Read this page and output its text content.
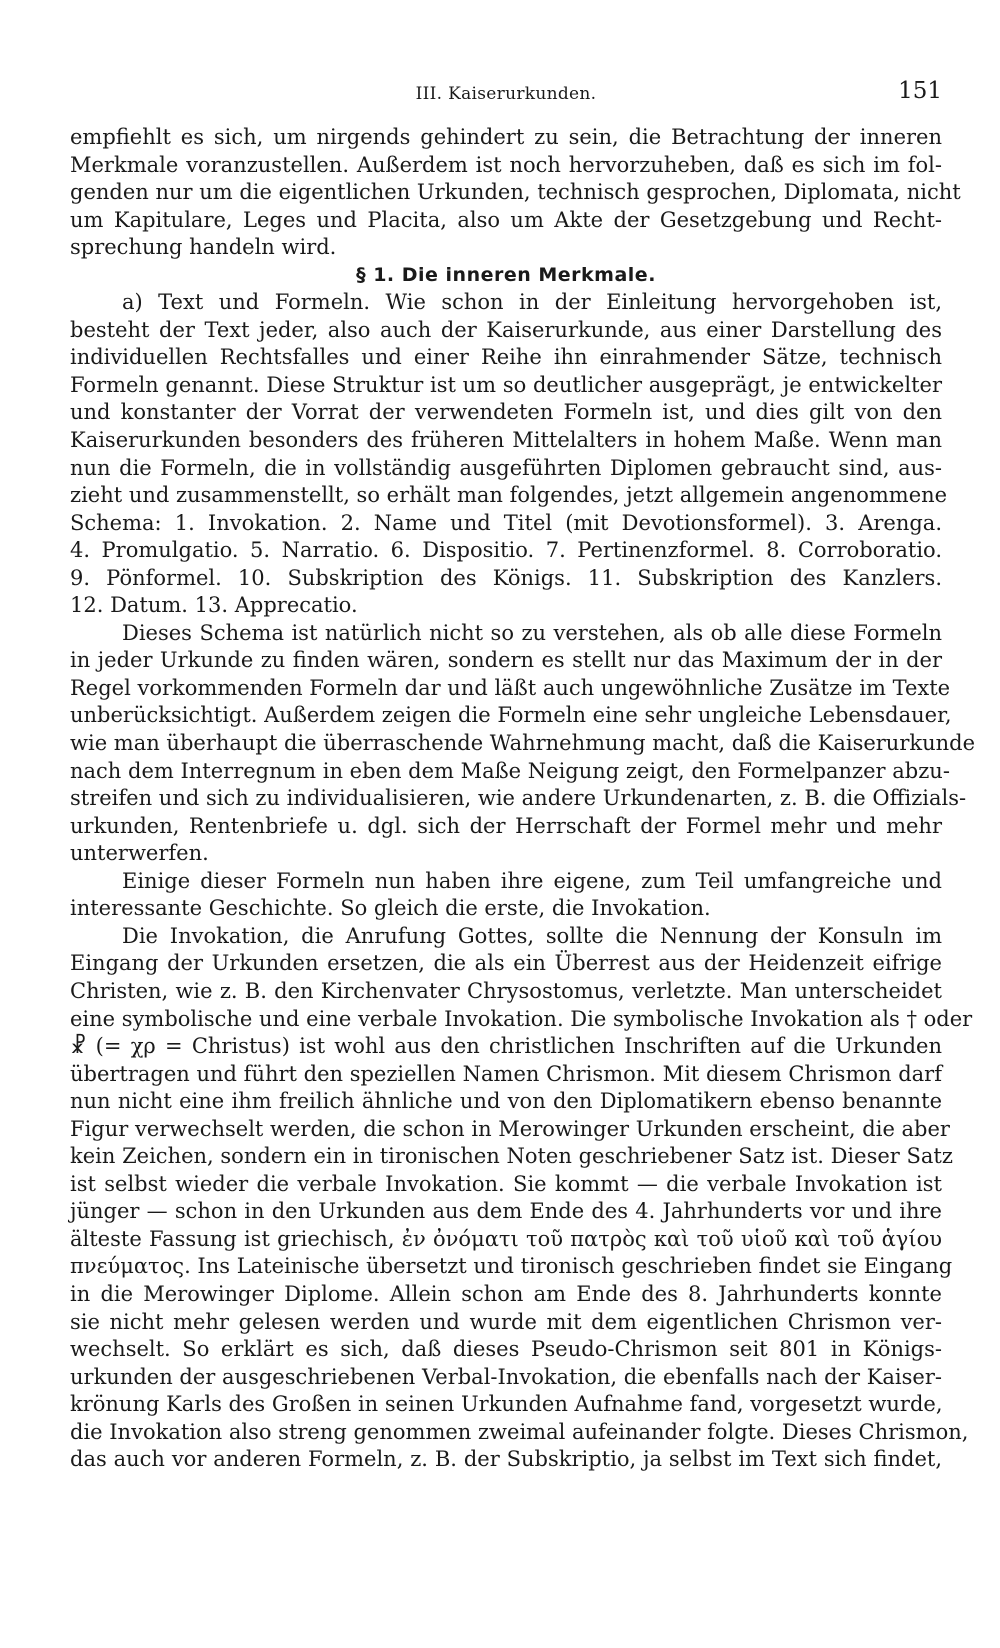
III. Kaiserurkunden.	151
empfiehlt es sich, um nirgends gehindert zu sein, die Betrachtung der inneren
Merkmale voranzustellen. Außerdem ist noch hervorzuheben, daß es sich im fol-
genden nur um die eigentlichen Urkunden, technisch gesprochen, Diplomata, nicht
um Kapitulare, Leges und Placita, also um Akte der Gesetzgebung und Recht-
sprechung handeln wird.
§ 1. Die inneren Merkmale.
a) Text und Formeln. Wie schon in der Einleitung hervorgehoben ist,
besteht der Text jeder, also auch der Kaiserurkunde, aus einer Darstellung des
individuellen Rechtsfalles und einer Reihe ihn einrahmender Sätze, technisch
Formeln genannt. Diese Struktur ist um so deutlicher ausgeprägt, je entwickelter
und konstanter der Vorrat der verwendeten Formeln ist, und dies gilt von den
Kaiserurkunden besonders des früheren Mittelalters in hohem Maße. Wenn man
nun die Formeln, die in vollständig ausgeführten Diplomen gebraucht sind, aus-
zieht und zusammenstellt, so erhält man folgendes, jetzt allgemein angenommene
Schema: 1. Invokation. 2. Name und Titel (mit Devotionsformel). 3. Arenga.
4. Promulgatio. 5. Narratio. 6. Dispositio. 7. Pertinenzformel. 8. Corroboratio.
9. Pönformel. 10. Subskription des Königs. 11. Subskription des Kanzlers.
12. Datum. 13. Apprecatio.
Dieses Schema ist natürlich nicht so zu verstehen, als ob alle diese Formeln
in jeder Urkunde zu finden wären, sondern es stellt nur das Maximum der in der
Regel vorkommenden Formeln dar und läßt auch ungewöhnliche Zusätze im Texte
unberücksichtigt. Außerdem zeigen die Formeln eine sehr ungleiche Lebensdauer,
wie man überhaupt die überraschende Wahrnehmung macht, daß die Kaiserurkunde
nach dem Interregnum in eben dem Maße Neigung zeigt, den Formelpanzer abzu-
streifen und sich zu individualisieren, wie andere Urkundenarten, z. B. die Offizials-
urkunden, Rentenbriefe u. dgl. sich der Herrschaft der Formel mehr und mehr
unterwerfen.
Einige dieser Formeln nun haben ihre eigene, zum Teil umfangreiche und
interessante Geschichte. So gleich die erste, die Invokation.
Die Invokation, die Anrufung Gottes, sollte die Nennung der Konsuln im
Eingang der Urkunden ersetzen, die als ein Überrest aus der Heidenzeit eifrige
Christen, wie z. B. den Kirchenvater Chrysostomus, verletzte. Man unterscheidet
eine symbolische und eine verbale Invokation. Die symbolische Invokation als † oder
☧ (= χρ = Christus) ist wohl aus den christlichen Inschriften auf die Urkunden
übertragen und führt den speziellen Namen Chrismon. Mit diesem Chrismon darf
nun nicht eine ihm freilich ähnliche und von den Diplomatikern ebenso benannte
Figur verwechselt werden, die schon in Merowinger Urkunden erscheint, die aber
kein Zeichen, sondern ein in tironischen Noten geschriebener Satz ist. Dieser Satz
ist selbst wieder die verbale Invokation. Sie kommt — die verbale Invokation ist
jünger — schon in den Urkunden aus dem Ende des 4. Jahrhunderts vor und ihre
älteste Fassung ist griechisch, ἐν ὀνόματι τοῦ πατρὸς καὶ τοῦ υἱοῦ καὶ τοῦ ἁγίου
πνεύματος. Ins Lateinische übersetzt und tironisch geschrieben findet sie Eingang
in die Merowinger Diplome. Allein schon am Ende des 8. Jahrhunderts konnte
sie nicht mehr gelesen werden und wurde mit dem eigentlichen Chrismon ver-
wechselt. So erklärt es sich, daß dieses Pseudo-Chrismon seit 801 in Königs-
urkunden der ausgeschriebenen Verbal-Invokation, die ebenfalls nach der Kaiser-
krönung Karls des Großen in seinen Urkunden Aufnahme fand, vorgesetzt wurde,
die Invokation also streng genommen zweimal aufeinander folgte. Dieses Chrismon,
das auch vor anderen Formeln, z. B. der Subskriptio, ja selbst im Text sich findet,
